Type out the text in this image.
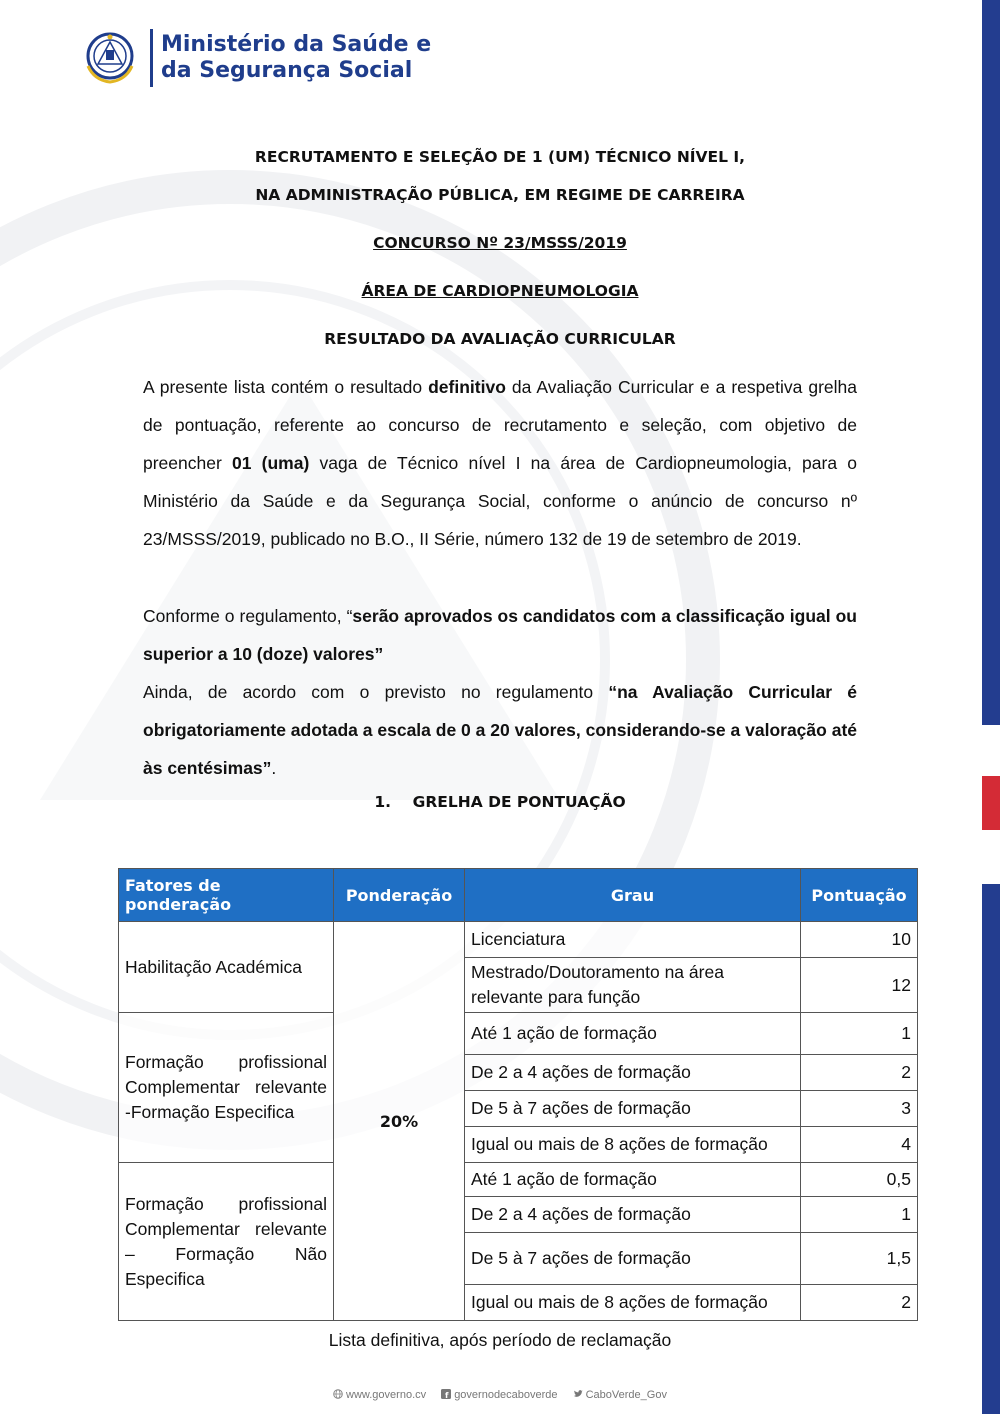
Ministério da Saúde e
da Segurança Social
RECRUTAMENTO E SELEÇÃO DE 1 (UM) TÉCNICO NÍVEL I,
NA ADMINISTRAÇÃO PÚBLICA, EM REGIME DE CARREIRA
CONCURSO Nº 23/MSSS/2019
ÁREA DE CARDIOPNEUMOLOGIA
RESULTADO DA AVALIAÇÃO CURRICULAR
A presente lista contém o resultado definitivo da Avaliação Curricular e a respetiva grelha de pontuação, referente ao concurso de recrutamento e seleção, com objetivo de preencher 01 (uma) vaga de Técnico nível I na área de Cardiopneumologia, para o Ministério da Saúde e da Segurança Social, conforme o anúncio de concurso nº 23/MSSS/2019, publicado no B.O., II Série, número 132 de 19 de setembro de 2019.
Conforme o regulamento, “serão aprovados os candidatos com a classificação igual ou superior a 10 (doze) valores”
Ainda, de acordo com o previsto no regulamento “na Avaliação Curricular é obrigatoriamente adotada a escala de 0 a 20 valores, considerando-se a valoração até às centésimas”.
1. GRELHA DE PONTUAÇÃO
Fatores de ponderação	Ponderação	Grau	Pontuação
Habilitação Académica	20%	Licenciatura	10
		Mestrado/Doutoramento na área relevante para função	12
Formação profissional Complementar relevante -Formação Especifica		Até 1 ação de formação	1
		De 2 a 4 ações de formação	2
		De 5 à 7 ações de formação	3
		Igual ou mais de 8 ações de formação	4
Formação profissional Complementar relevante – Formação Não Especifica		Até 1 ação de formação	0,5
		De 2 a 4 ações de formação	1
		De 5 à 7 ações de formação	1,5
		Igual ou mais de 8 ações de formação	2
Lista definitiva, após período de reclamação
www.governo.cv f governodecaboverde	CaboVerde_Gov
